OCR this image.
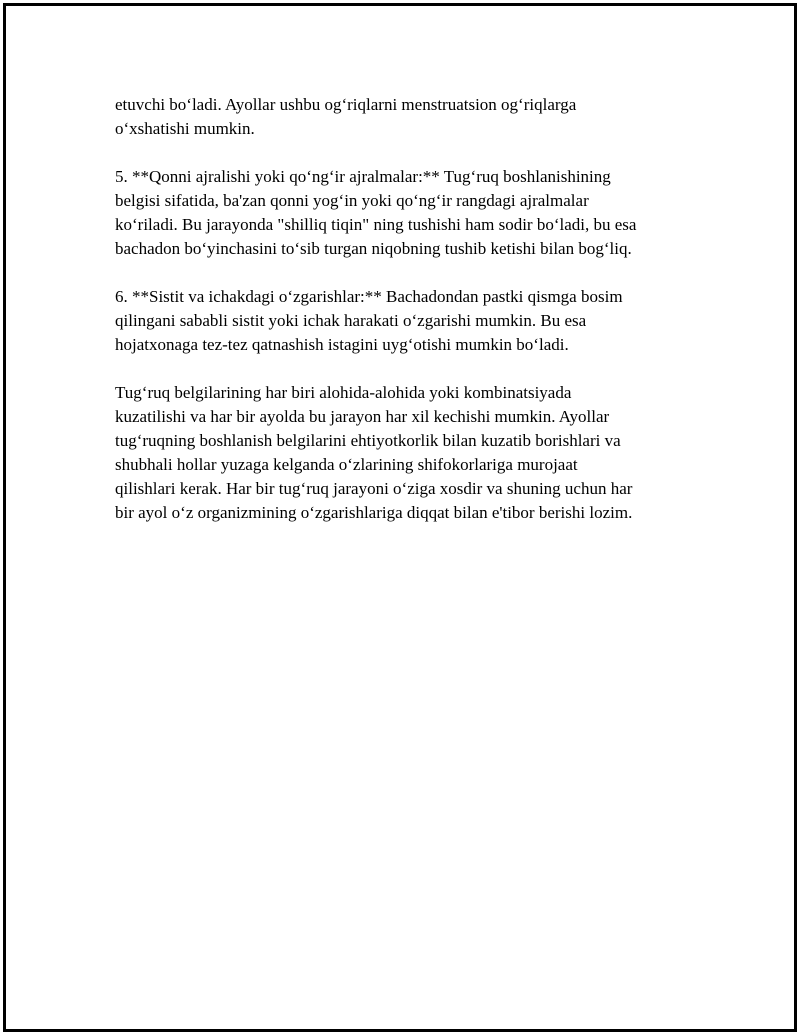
etuvchi boʻladi. Ayollar ushbu ogʻriqlarni menstruatsion ogʻriqlarga
oʻxshatishi mumkin.

5. **Qonni ajralishi yoki qoʻngʻir ajralmalar:** Tugʻruq boshlanishining
belgisi sifatida, ba'zan qonni yogʻin yoki qoʻngʻir rangdagi ajralmalar
koʻriladi. Bu jarayonda "shilliq tiqin" ning tushishi ham sodir boʻladi, bu esa
bachadon boʻyinchasini toʻsib turgan niqobning tushib ketishi bilan bogʻliq.

6. **Sistit va ichakdagi oʻzgarishlar:** Bachadondan pastki qismga bosim
qilingani sababli sistit yoki ichak harakati oʻzgarishi mumkin. Bu esa
hojatxonaga tez-tez qatnashish istagini uygʻotishi mumkin boʻladi.

Tugʻruq belgilarining har biri alohida-alohida yoki kombinatsiyada
kuzatilishi va har bir ayolda bu jarayon har xil kechishi mumkin. Ayollar
tugʻruqning boshlanish belgilarini ehtiyotkorlik bilan kuzatib borishlari va
shubhali hollar yuzaga kelganda oʻzlarining shifokorlariga murojaat
qilishlari kerak. Har bir tugʻruq jarayoni oʻziga xosdir va shuning uchun har
bir ayol oʻz organizmining oʻzgarishlariga diqqat bilan e'tibor berishi lozim.
